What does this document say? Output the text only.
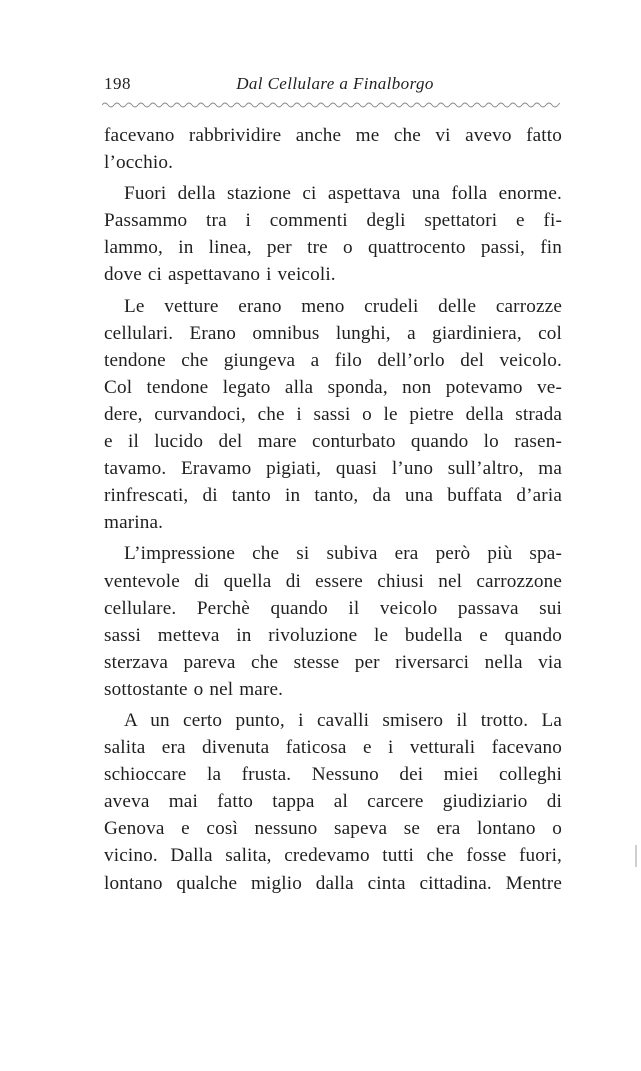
198	Dal Cellulare a Finalborgo
facevano rabbrividire anche me che vi avevo fatto
l’occhio.
Fuori della stazione ci aspettava una folla enorme.
Passammo tra i commenti degli spettatori e fi-
lammo, in linea, per tre o quattrocento passi, fin
dove ci aspettavano i veicoli.
Le vetture erano meno crudeli delle carrozze
cellulari. Erano omnibus lunghi, a giardiniera, col
tendone che giungeva a filo dell’orlo del veicolo.
Col tendone legato alla sponda, non potevamo ve-
dere, curvandoci, che i sassi o le pietre della strada
e il lucido del mare conturbato quando lo rasen-
tavamo. Eravamo pigiati, quasi l’uno sull’altro, ma
rinfrescati, di tanto in tanto, da una buffata d’aria
marina.
L’impressione che si subiva era però più spa-
ventevole di quella di essere chiusi nel carrozzone
cellulare. Perchè quando il veicolo passava sui
sassi metteva in rivoluzione le budella e quando
sterzava pareva che stesse per riversarci nella via
sottostante o nel mare.
A un certo punto, i cavalli smisero il trotto. La
salita era divenuta faticosa e i vetturali facevano
schioccare la frusta. Nessuno dei miei colleghi
aveva mai fatto tappa al carcere giudiziario di
Genova e così nessuno sapeva se era lontano o
vicino. Dalla salita, credevamo tutti che fosse fuori,
lontano qualche miglio dalla cinta cittadina. Mentre
